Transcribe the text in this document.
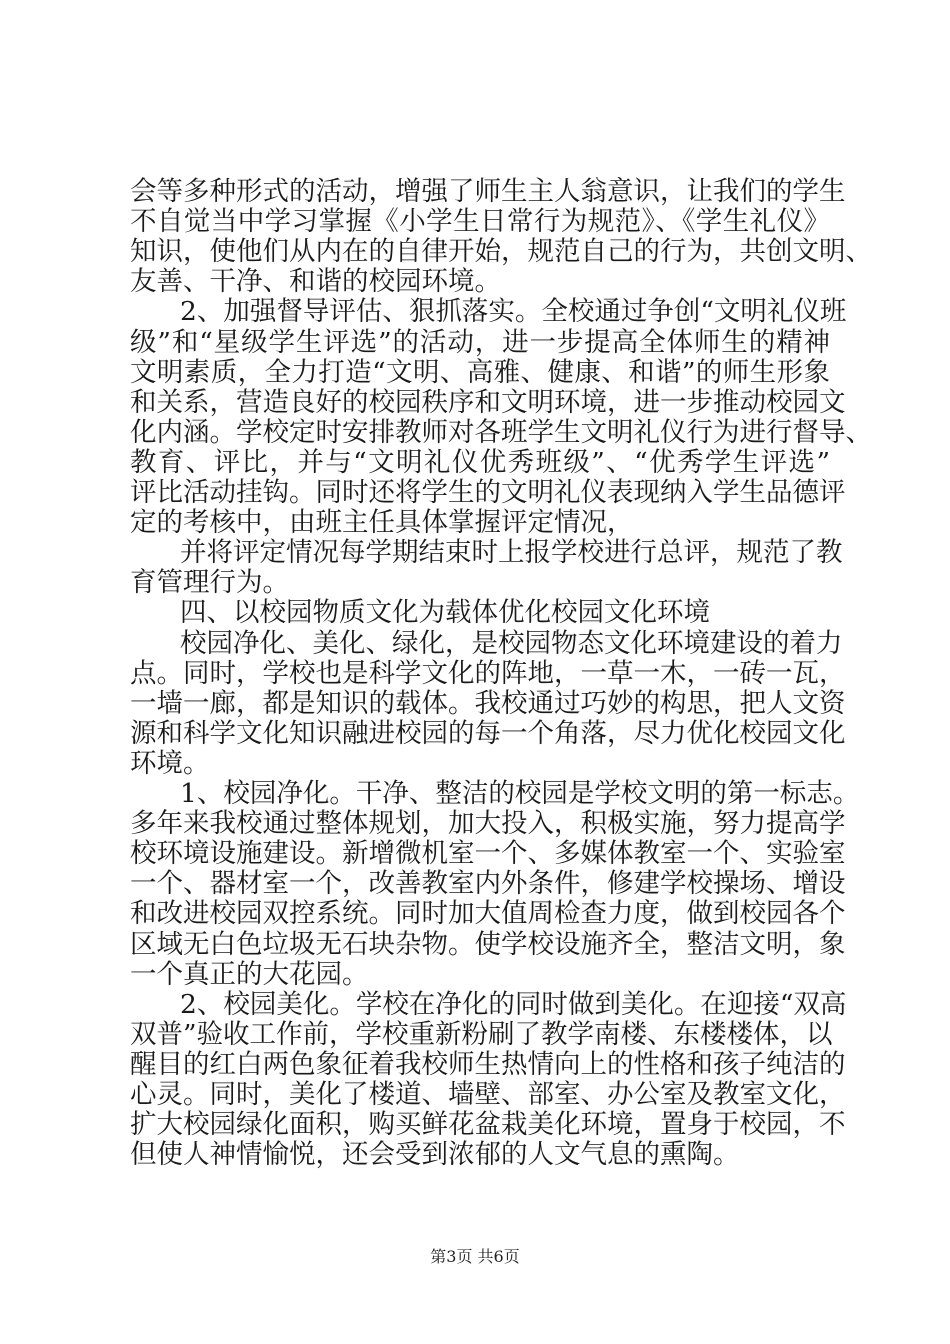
会等多种形式的活动，增强了师生主人翁意识，让我们的学生
不自觉当中学习掌握《小学生日常行为规范》、《学生礼仪》
知识，使他们从内在的自律开始，规范自己的行为，共创文明、
友善、干净、和谐的校园环境。
2、加强督导评估、狠抓落实。全校通过争创“文明礼仪班
级”和“星级学生评选”的活动，进一步提高全体师生的精神
文明素质，全力打造“文明、高雅、健康、和谐”的师生形象
和关系，营造良好的校园秩序和文明环境，进一步推动校园文
化内涵。学校定时安排教师对各班学生文明礼仪行为进行督导、
教育、评比，并与“文明礼仪优秀班级”、“优秀学生评选”
评比活动挂钩。同时还将学生的文明礼仪表现纳入学生品德评
定的考核中，由班主任具体掌握评定情况，
并将评定情况每学期结束时上报学校进行总评，规范了教
育管理行为。
四、以校园物质文化为载体优化校园文化环境
校园净化、美化、绿化，是校园物态文化环境建设的着力
点。同时，学校也是科学文化的阵地，一草一木，一砖一瓦，
一墙一廊，都是知识的载体。我校通过巧妙的构思，把人文资
源和科学文化知识融进校园的每一个角落，尽力优化校园文化
环境。
1、校园净化。干净、整洁的校园是学校文明的第一标志。
多年来我校通过整体规划，加大投入，积极实施，努力提高学
校环境设施建设。新增微机室一个、多媒体教室一个、实验室
一个、器材室一个，改善教室内外条件，修建学校操场、增设
和改进校园双控系统。同时加大值周检查力度，做到校园各个
区域无白色垃圾无石块杂物。使学校设施齐全，整洁文明，象
一个真正的大花园。
2、校园美化。学校在净化的同时做到美化。在迎接“双高
双普”验收工作前，学校重新粉刷了教学南楼、东楼楼体，以
醒目的红白两色象征着我校师生热情向上的性格和孩子纯洁的
心灵。同时，美化了楼道、墙壁、部室、办公室及教室文化，
扩大校园绿化面积，购买鲜花盆栽美化环境，置身于校园，不
但使人神情愉悦，还会受到浓郁的人文气息的熏陶。
第3页 共6页
